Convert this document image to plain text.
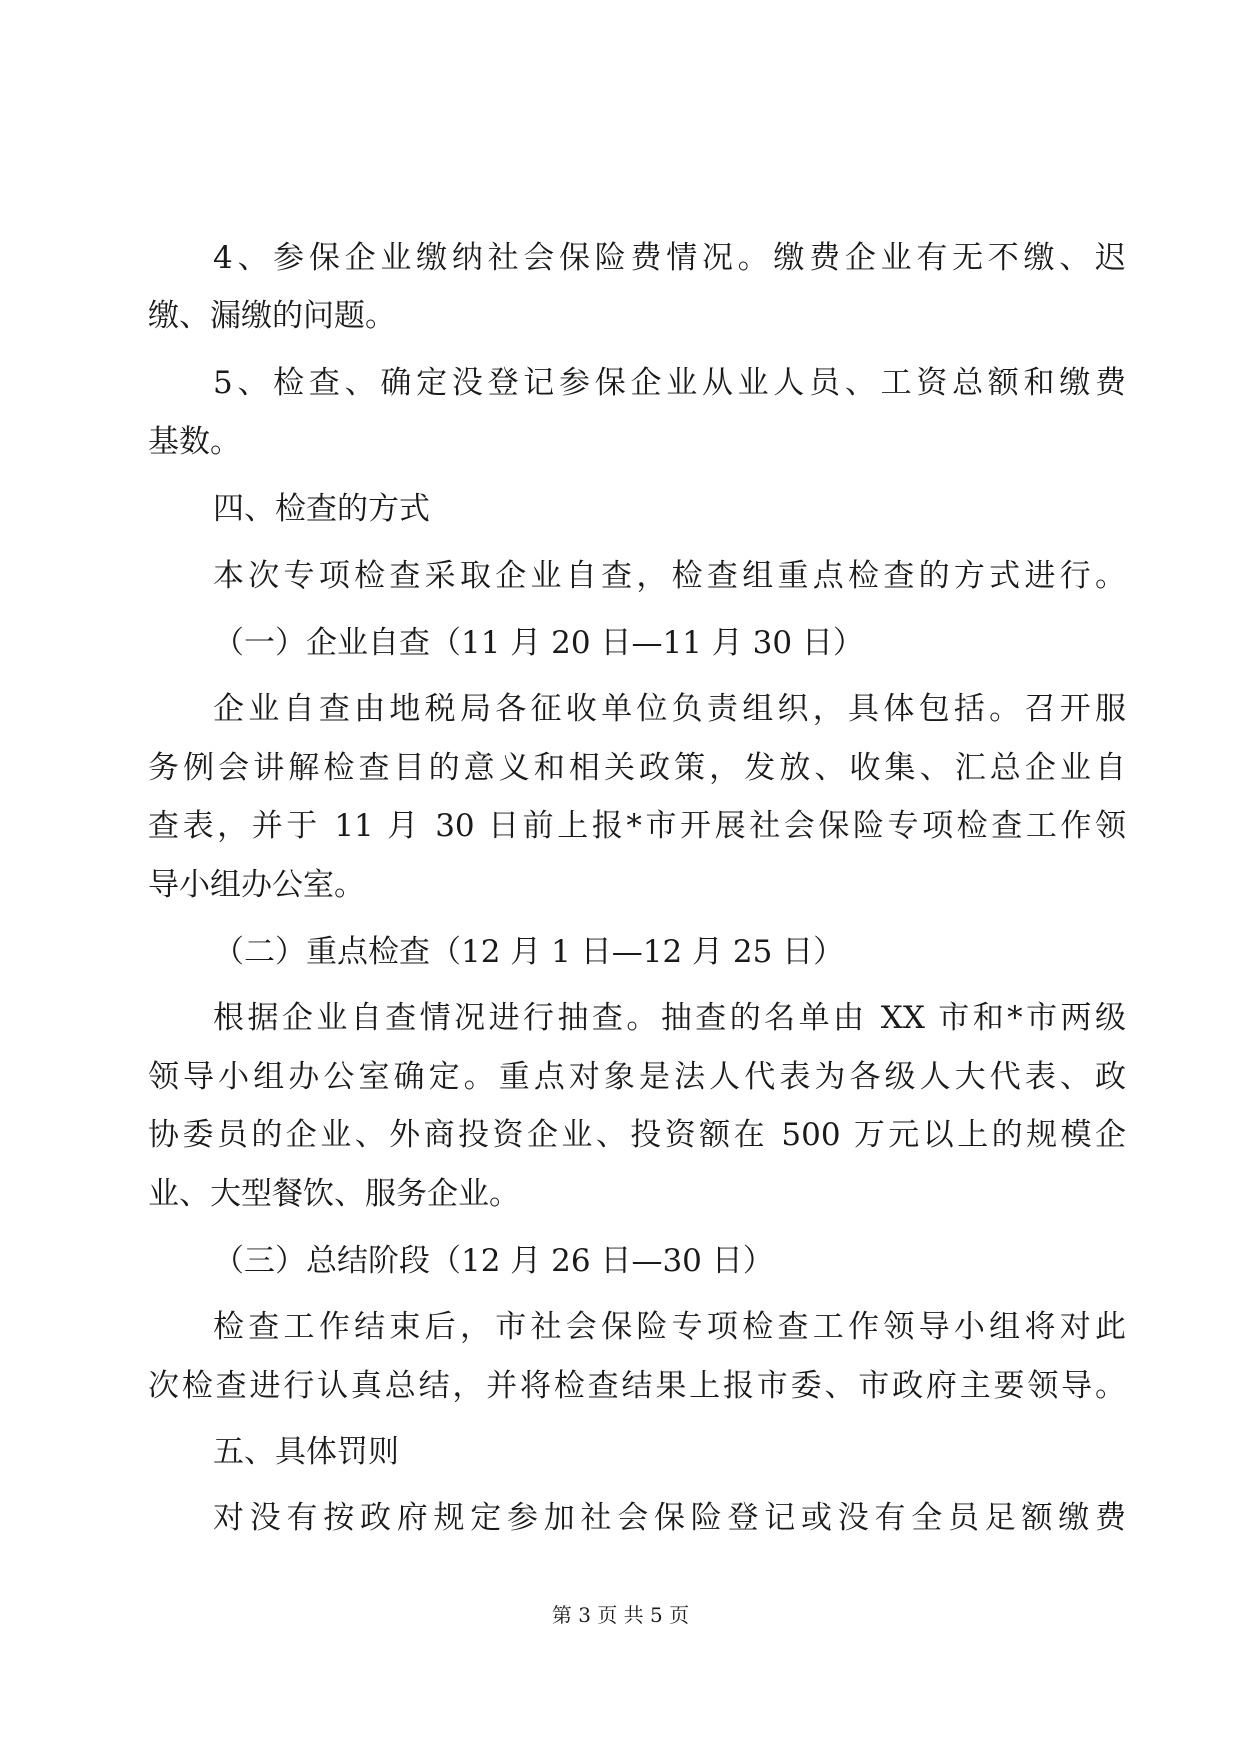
4、参保企业缴纳社会保险费情况。缴费企业有无不缴、迟

缴、漏缴的问题。

5、检查、确定没登记参保企业从业人员、工资总额和缴费

基数。

四、检查的方式

本次专项检查采取企业自查，检查组重点检查的方式进行。

（一）企业自查（11 月 20 日—11 月 30 日）

企业自查由地税局各征收单位负责组织，具体包括。召开服

务例会讲解检查目的意义和相关政策，发放、收集、汇总企业自

查表，并于 11 月 30 日前上报*市开展社会保险专项检查工作领

导小组办公室。

（二）重点检查（12 月 1 日—12 月 25 日）

根据企业自查情况进行抽查。抽查的名单由 XX 市和*市两级

领导小组办公室确定。重点对象是法人代表为各级人大代表、政

协委员的企业、外商投资企业、投资额在 500 万元以上的规模企

业、大型餐饮、服务企业。

（三）总结阶段（12 月 26 日—30 日）

检查工作结束后，市社会保险专项检查工作领导小组将对此

次检查进行认真总结，并将检查结果上报市委、市政府主要领导。

五、具体罚则

对没有按政府规定参加社会保险登记或没有全员足额缴费

第 3 页 共 5 页
